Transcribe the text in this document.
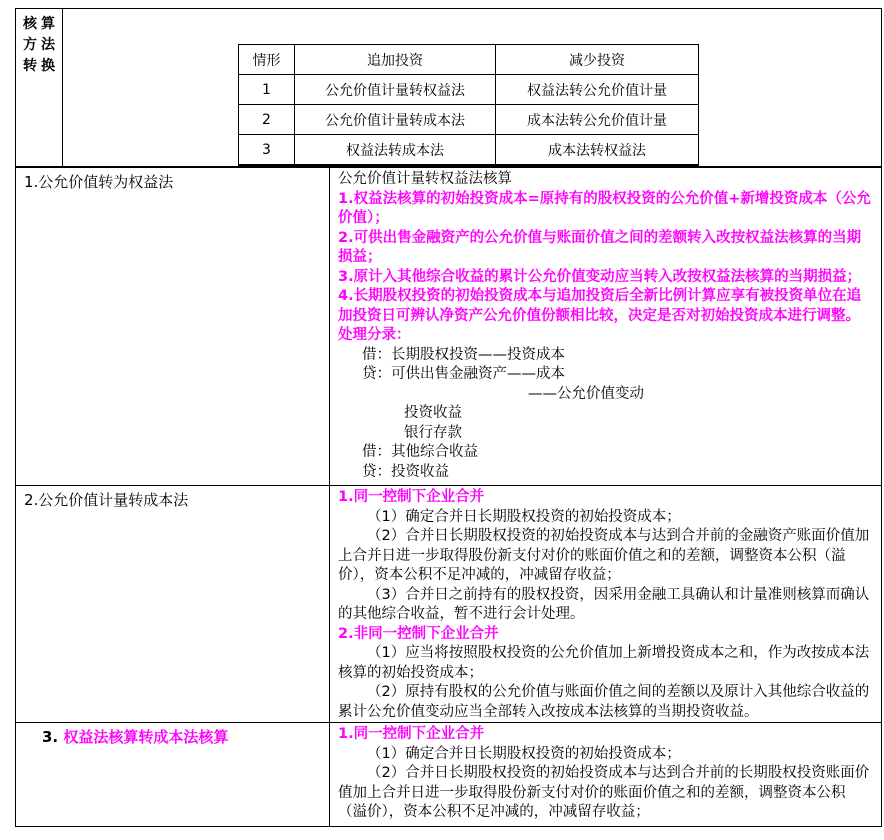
核算方法转换	情形	追加投资	减少投资
1	公允价值计量转权益法	权益法转公允价值计量
2	公允价值计量转成本法	成本法转公允价值计量
3	权益法转成本法	成本法转权益法
1.公允价值转为权益法	公允价值计量转权益法核算
1.权益法核算的初始投资成本=原持有的股权投资的公允价值+新增投资成本（公允价值）；
2.可供出售金融资产的公允价值与账面价值之间的差额转入改按权益法核算的当期损益；
3.原计入其他综合收益的累计公允价值变动应当转入改按权益法核算的当期损益；
4.长期股权投资的初始投资成本与追加投资后全新比例计算应享有被投资单位在追加投资日可辨认净资产公允价值份额相比较，决定是否对初始投资成本进行调整。
处理分录：
借：长期股权投资——投资成本
贷：可供出售金融资产——成本
——公允价值变动
投资收益
银行存款
借：其他综合收益
贷：投资收益
2.公允价值计量转成本法	1.同一控制下企业合并
（1）确定合并日长期股权投资的初始投资成本；
（2）合并日长期股权投资的初始投资成本与达到合并前的金融资产账面价值加上合并日进一步取得股份新支付对价的账面价值之和的差额，调整资本公积（溢价），资本公积不足冲减的，冲减留存收益；
（3）合并日之前持有的股权投资，因采用金融工具确认和计量准则核算而确认的其他综合收益，暂不进行会计处理。
2.非同一控制下企业合并
（1）应当将按照股权投资的公允价值加上新增投资成本之和，作为改按成本法核算的初始投资成本；
（2）原持有股权的公允价值与账面价值之间的差额以及原计入其他综合收益的累计公允价值变动应当全部转入改按成本法核算的当期投资收益。
3. 权益法核算转成本法核算	1.同一控制下企业合并
（1）确定合并日长期股权投资的初始投资成本；
（2）合并日长期股权投资的初始投资成本与达到合并前的长期股权投资账面价值加上合并日进一步取得股份新支付对价的账面价值之和的差额，调整资本公积（溢价），资本公积不足冲减的，冲减留存收益；
